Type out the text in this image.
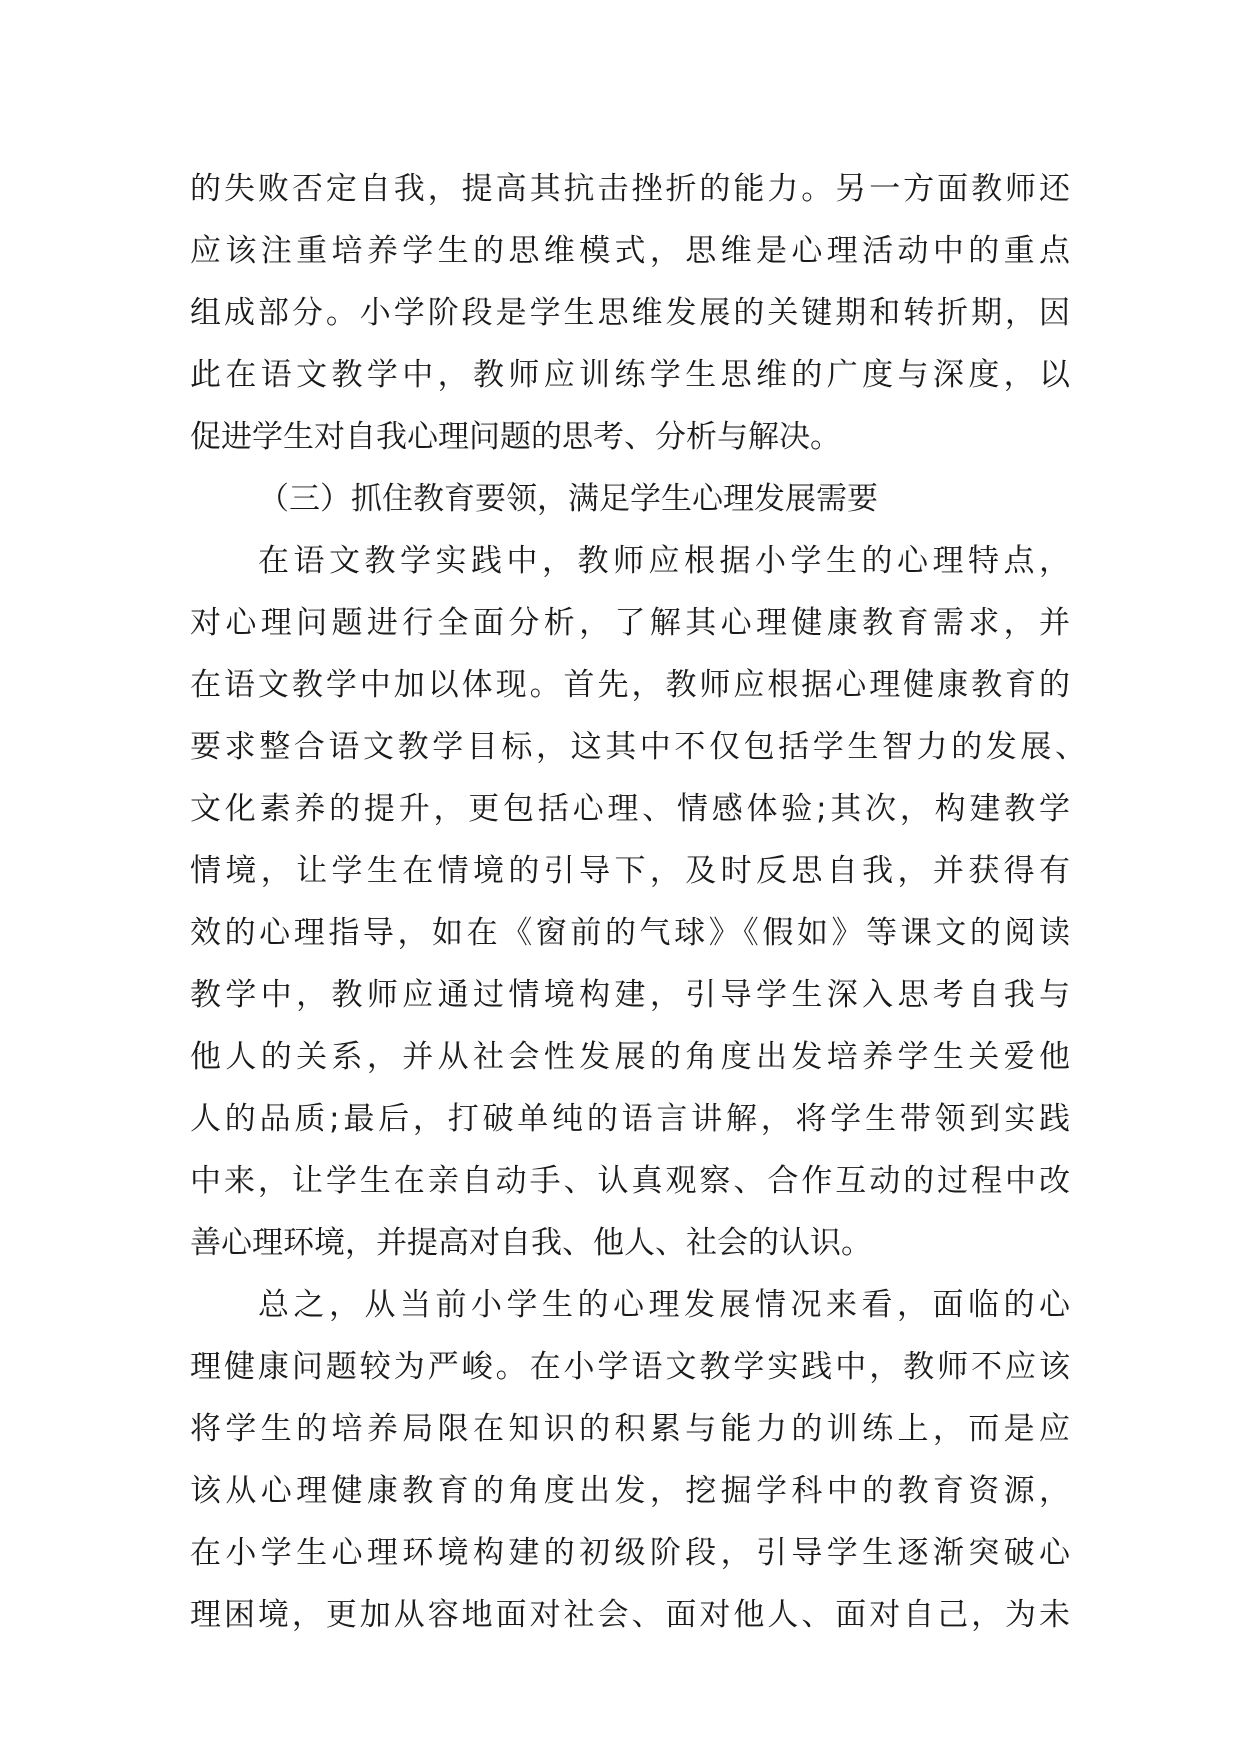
的失败否定自我，提高其抗击挫折的能力。另一方面教师还
应该注重培养学生的思维模式，思维是心理活动中的重点
组成部分。小学阶段是学生思维发展的关键期和转折期，因
此在语文教学中，教师应训练学生思维的广度与深度，以
促进学生对自我心理问题的思考、分析与解决。
（三）抓住教育要领，满足学生心理发展需要
在语文教学实践中，教师应根据小学生的心理特点，
对心理问题进行全面分析，了解其心理健康教育需求，并
在语文教学中加以体现。首先，教师应根据心理健康教育的
要求整合语文教学目标，这其中不仅包括学生智力的发展、
文化素养的提升，更包括心理、情感体验;其次，构建教学
情境，让学生在情境的引导下，及时反思自我，并获得有
效的心理指导，如在《窗前的气球》《假如》等课文的阅读
教学中，教师应通过情境构建，引导学生深入思考自我与
他人的关系，并从社会性发展的角度出发培养学生关爱他
人的品质;最后，打破单纯的语言讲解，将学生带领到实践
中来，让学生在亲自动手、认真观察、合作互动的过程中改
善心理环境，并提高对自我、他人、社会的认识。
总之，从当前小学生的心理发展情况来看，面临的心
理健康问题较为严峻。在小学语文教学实践中，教师不应该
将学生的培养局限在知识的积累与能力的训练上，而是应
该从心理健康教育的角度出发，挖掘学科中的教育资源，
在小学生心理环境构建的初级阶段，引导学生逐渐突破心
理困境，更加从容地面对社会、面对他人、面对自己，为未
